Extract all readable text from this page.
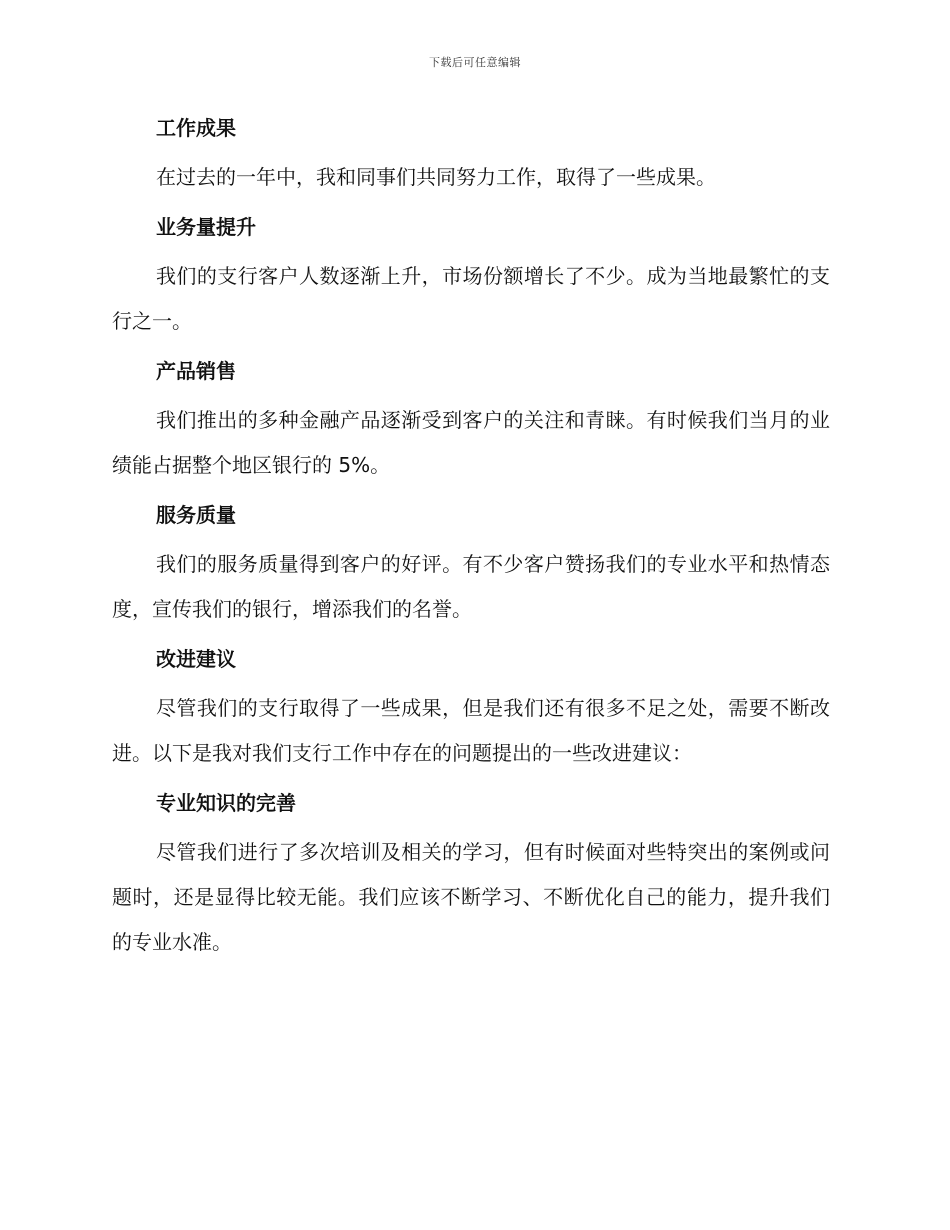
下载后可任意编辑
工作成果

在过去的一年中，我和同事们共同努力工作，取得了一些成果。

业务量提升

我们的支行客户人数逐渐上升，市场份额增长了不少。成为当地最繁忙的支行之一。

产品销售

我们推出的多种金融产品逐渐受到客户的关注和青睐。有时候我们当月的业绩能占据整个地区银行的 5%。

服务质量

我们的服务质量得到客户的好评。有不少客户赞扬我们的专业水平和热情态度，宣传我们的银行，增添我们的名誉。

改进建议

尽管我们的支行取得了一些成果，但是我们还有很多不足之处，需要不断改进。以下是我对我们支行工作中存在的问题提出的一些改进建议：

专业知识的完善

尽管我们进行了多次培训及相关的学习，但有时候面对些特突出的案例或问题时，还是显得比较无能。我们应该不断学习、不断优化自己的能力，提升我们的专业水准。
